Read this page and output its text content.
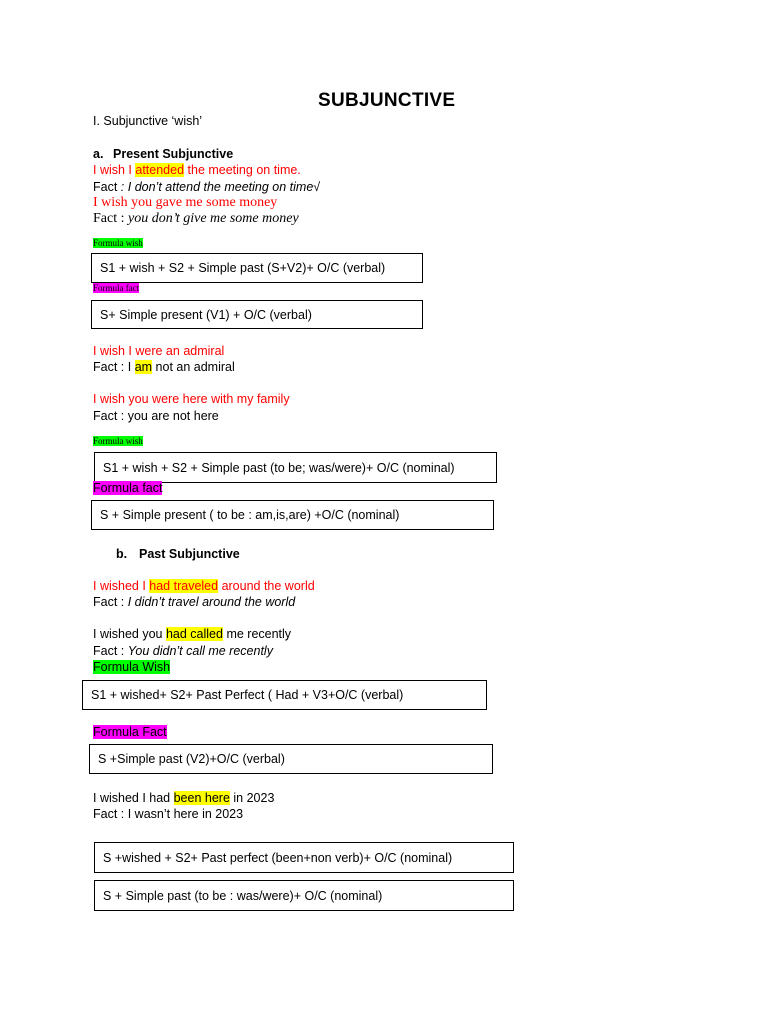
SUBJUNCTIVE
I. Subjunctive ‘wish’
a. Present Subjunctive
I wish I attended the meeting on time.
Fact : I don’t attend the meeting on time√
I wish you gave me some money
Fact : you don’t give me some money
Formula wish
S1 + wish + S2 + Simple past (S+V2)+ O/C (verbal)
Formula fact
S+ Simple present (V1) + O/C (verbal)
I wish I were an admiral
Fact : I am not an admiral
I wish you were here with my family
Fact : you are not here
Formula wish
S1 + wish + S2 + Simple past (to be; was/were)+ O/C (nominal)
Formula fact
S + Simple present ( to be : am,is,are) +O/C (nominal)
b. Past Subjunctive
I wished I had traveled around the world
Fact : I didn’t travel around the world
I wished you had called me recently
Fact : You didn’t call me recently
Formula Wish
S1 + wished+ S2+ Past Perfect ( Had + V3+O/C (verbal)
Formula Fact
S +Simple past (V2)+O/C (verbal)
I wished I had been here in 2023
Fact : I wasn’t here in 2023
S +wished + S2+ Past perfect (been+non verb)+ O/C (nominal)
S + Simple past (to be : was/were)+ O/C (nominal)
